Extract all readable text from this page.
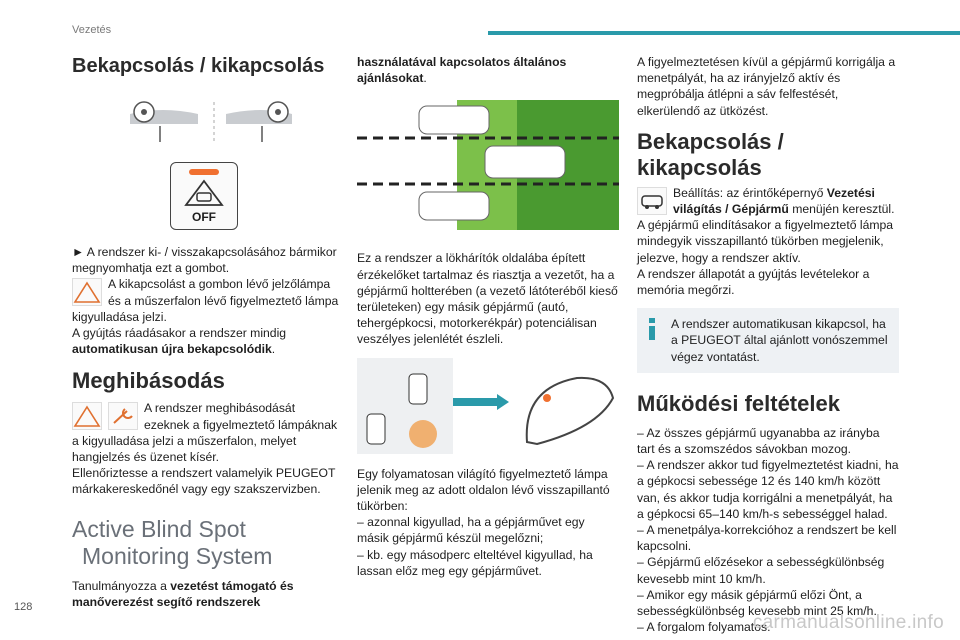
Vezetés
Bekapcsolás / kikapcsolás
OFF

► A rendszer ki- / visszakapcsolásához bármikor megnyomhatja ezt a gombot.

A kikapcsolást a gombon lévő jelzőlámpa és a műszerfalon lévő figyelmeztető lámpa kigyulladása jelzi.

A gyújtás ráadásakor a rendszer mindig automatikusan újra bekapcsolódik.

Meghibásodás

A rendszer meghibásodását ezeknek a figyelmeztető lámpáknak a kigyulladása jelzi a műszerfalon, melyet hangjelzés és üzenet kísér.

Ellenőriztesse a rendszert valamelyik PEUGEOT márkakereskedőnél vagy egy szakszervizben.

Active Blind Spot
Monitoring System

Tanulmányozza a vezetést támogató és manőverezést segítő rendszerek

használatával kapcsolatos általános ajánlásokat.

Ez a rendszer a lökhárítók oldalába épített érzékelőket tartalmaz és riasztja a vezetőt, ha a gépjármű holtterében (a vezető látóteréből kieső területeken) egy másik gépjármű (autó, tehergépkocsi, motorkerékpár) potenciálisan veszélyes jelenlétét észleli.

Egy folyamatosan világító figyelmeztető lámpa jelenik meg az adott oldalon lévő visszapillantó tükörben:

– azonnal kigyullad, ha a gépjárművet egy másik gépjármű készül megelőzni;

– kb. egy másodperc elteltével kigyullad, ha lassan előz meg egy gépjárművet.

A figyelmeztetésen kívül a gépjármű korrigálja a menetpályát, ha az irányjelző aktív és megpróbálja átlépni a sáv felfestését, elkerülendő az ütközést.

Bekapcsolás / kikapcsolás

Beállítás: az érintőképernyő Vezetési világítás / Gépjármű menüjén keresztül.

A gépjármű elindításakor a figyelmeztető lámpa mindegyik visszapillantó tükörben megjelenik, jelezve, hogy a rendszer aktív.

A rendszer állapotát a gyújtás levételekor a memória megőrzi.

A rendszer automatikusan kikapcsol, ha a PEUGEOT által ajánlott vonószemmel végez vontatást.

Működési feltételek

– Az összes gépjármű ugyanabba az irányba tart és a szomszédos sávokban mozog.

– A rendszer akkor tud figyelmeztetést kiadni, ha a gépkocsi sebessége 12 és 140 km/h között van, és akkor tudja korrigálni a menetpályát, ha a gépkocsi 65–140 km/h-s sebességgel halad.

– A menetpálya-korrekcióhoz a rendszert be kell kapcsolni.

– Gépjármű előzésekor a sebességkülönbség kevesebb mint 10 km/h.

– Amikor egy másik gépjármű előzi Önt, a sebességkülönbség kevesebb mint 25 km/h.

– A forgalom folyamatos.

128
carmanualsonline.info
